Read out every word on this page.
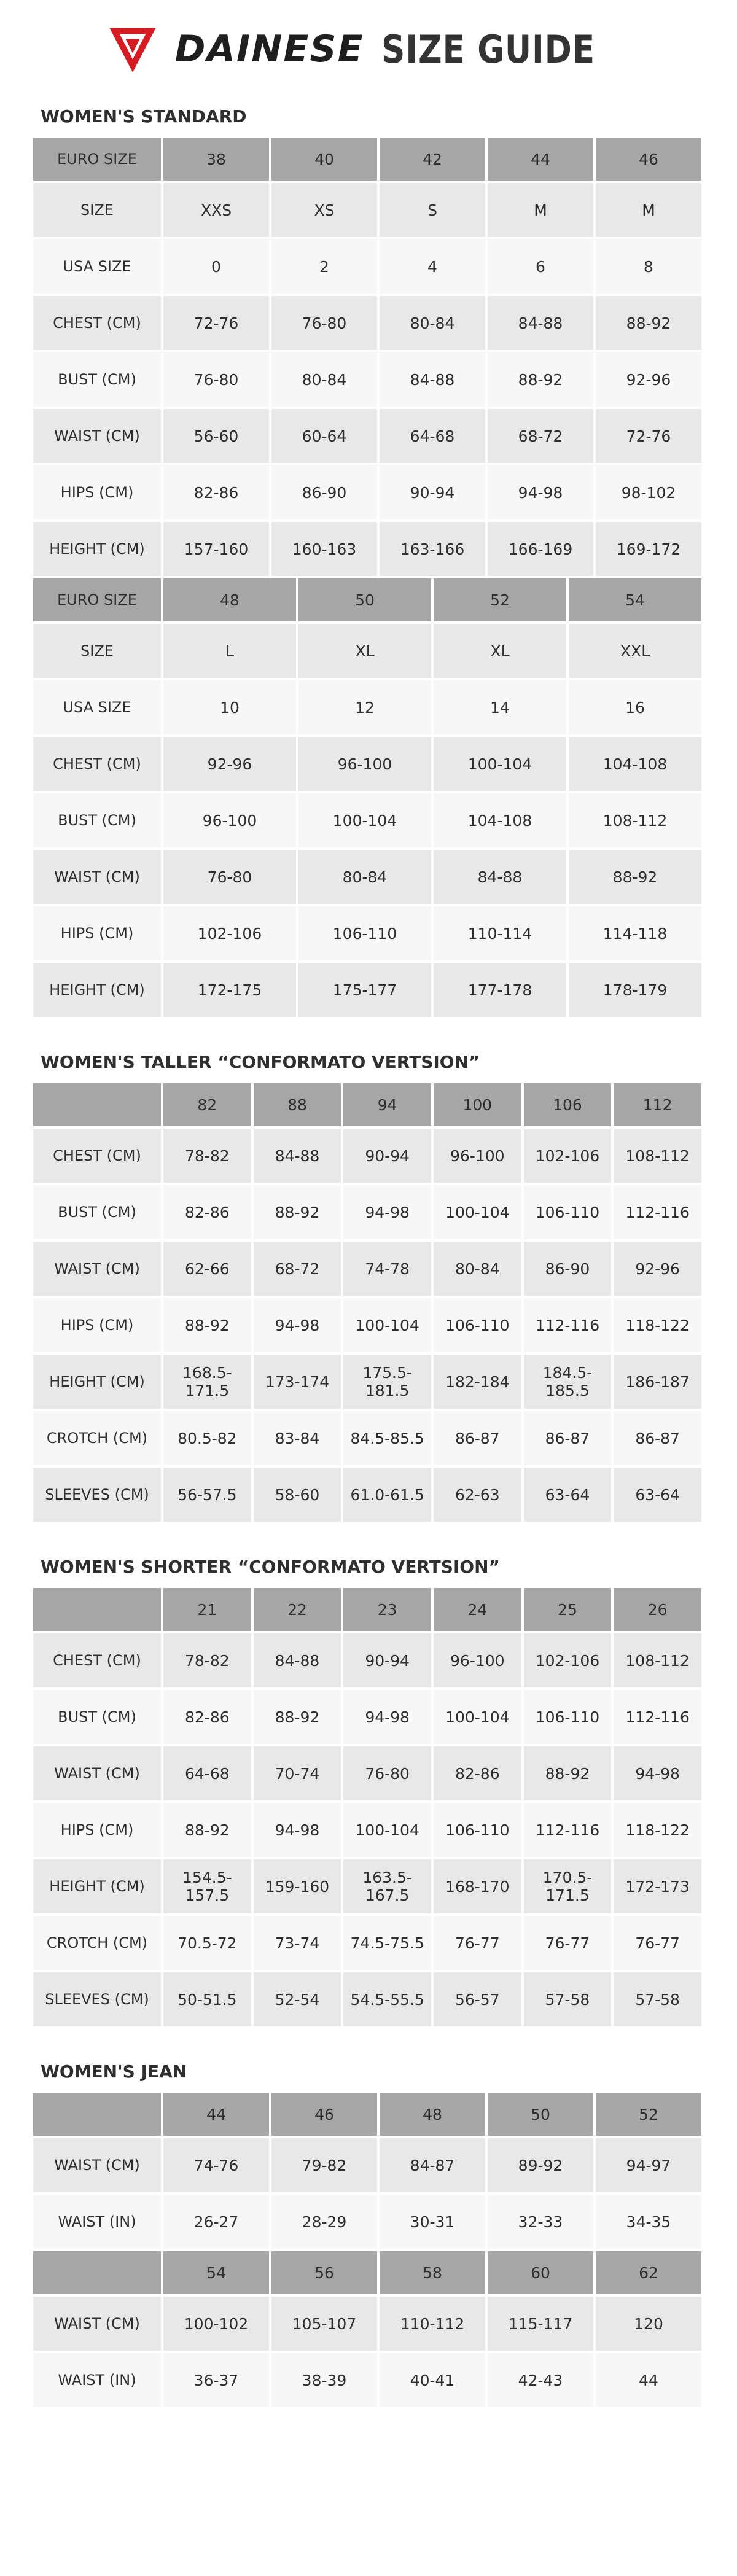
DAINESE SIZE GUIDE
WOMEN'S STANDARD
EURO SIZE	38	40	42	44	46
SIZE	XXS	XS	S	M	M
USA SIZE	0	2	4	6	8
CHEST (CM)	72-76	76-80	80-84	84-88	88-92
BUST (CM)	76-80	80-84	84-88	88-92	92-96
WAIST (CM)	56-60	60-64	64-68	68-72	72-76
HIPS (CM)	82-86	86-90	90-94	94-98	98-102
HEIGHT (CM)	157-160	160-163	163-166	166-169	169-172
EURO SIZE	48	50	52	54
SIZE	L	XL	XL	XXL
USA SIZE	10	12	14	16
CHEST (CM)	92-96	96-100	100-104	104-108
BUST (CM)	96-100	100-104	104-108	108-112
WAIST (CM)	76-80	80-84	84-88	88-92
HIPS (CM)	102-106	106-110	110-114	114-118
HEIGHT (CM)	172-175	175-177	177-178	178-179
WOMEN'S TALLER “CONFORMATO VERTSION”
	82	88	94	100	106	112
CHEST (CM)	78-82	84-88	90-94	96-100	102-106	108-112
BUST (CM)	82-86	88-92	94-98	100-104	106-110	112-116
WAIST (CM)	62-66	68-72	74-78	80-84	86-90	92-96
HIPS (CM)	88-92	94-98	100-104	106-110	112-116	118-122
HEIGHT (CM)	168.5-171.5	173-174	175.5-181.5	182-184	184.5-185.5	186-187
CROTCH (CM)	80.5-82	83-84	84.5-85.5	86-87	86-87	86-87
SLEEVES (CM)	56-57.5	58-60	61.0-61.5	62-63	63-64	63-64
WOMEN'S SHORTER “CONFORMATO VERTSION”
	21	22	23	24	25	26
CHEST (CM)	78-82	84-88	90-94	96-100	102-106	108-112
BUST (CM)	82-86	88-92	94-98	100-104	106-110	112-116
WAIST (CM)	64-68	70-74	76-80	82-86	88-92	94-98
HIPS (CM)	88-92	94-98	100-104	106-110	112-116	118-122
HEIGHT (CM)	154.5-157.5	159-160	163.5-167.5	168-170	170.5-171.5	172-173
CROTCH (CM)	70.5-72	73-74	74.5-75.5	76-77	76-77	76-77
SLEEVES (CM)	50-51.5	52-54	54.5-55.5	56-57	57-58	57-58
WOMEN'S JEAN
	44	46	48	50	52
WAIST (CM)	74-76	79-82	84-87	89-92	94-97
WAIST (IN)	26-27	28-29	30-31	32-33	34-35
	54	56	58	60	62
WAIST (CM)	100-102	105-107	110-112	115-117	120
WAIST (IN)	36-37	38-39	40-41	42-43	44
